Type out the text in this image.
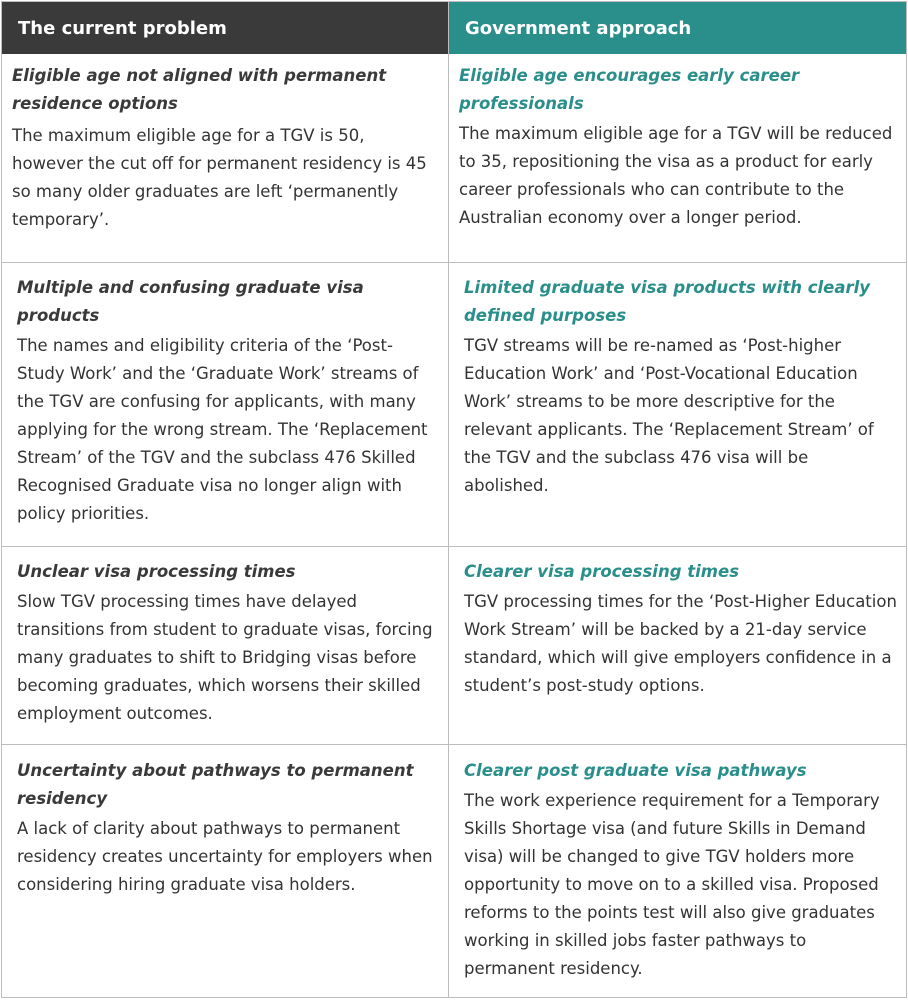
The current problem	Government approach

Eligible age not aligned with permanent residence options

The maximum eligible age for a TGV is 50, however the cut off for permanent residency is 45 so many older graduates are left ‘permanently temporary’.

Eligible age encourages early career professionals

The maximum eligible age for a TGV will be reduced to 35, repositioning the visa as a product for early career professionals who can contribute to the Australian economy over a longer period.

Multiple and confusing graduate visa products

The names and eligibility criteria of the ‘Post-Study Work’ and the ‘Graduate Work’ streams of the TGV are confusing for applicants, with many applying for the wrong stream. The ‘Replacement Stream’ of the TGV and the subclass 476 Skilled Recognised Graduate visa no longer align with policy priorities.

Limited graduate visa products with clearly defined purposes

TGV streams will be re-named as ‘Post-higher Education Work’ and ‘Post-Vocational Education Work’ streams to be more descriptive for the relevant applicants. The ‘Replacement Stream’ of the TGV and the subclass 476 visa will be abolished.

Unclear visa processing times

Slow TGV processing times have delayed transitions from student to graduate visas, forcing many graduates to shift to Bridging visas before becoming graduates, which worsens their skilled employment outcomes.

Clearer visa processing times

TGV processing times for the ‘Post-Higher Education Work Stream’ will be backed by a 21-day service standard, which will give employers confidence in a student’s post-study options.

Uncertainty about pathways to permanent residency

A lack of clarity about pathways to permanent residency creates uncertainty for employers when considering hiring graduate visa holders.

Clearer post graduate visa pathways

The work experience requirement for a Temporary Skills Shortage visa (and future Skills in Demand visa) will be changed to give TGV holders more opportunity to move on to a skilled visa. Proposed reforms to the points test will also give graduates working in skilled jobs faster pathways to permanent residency.
